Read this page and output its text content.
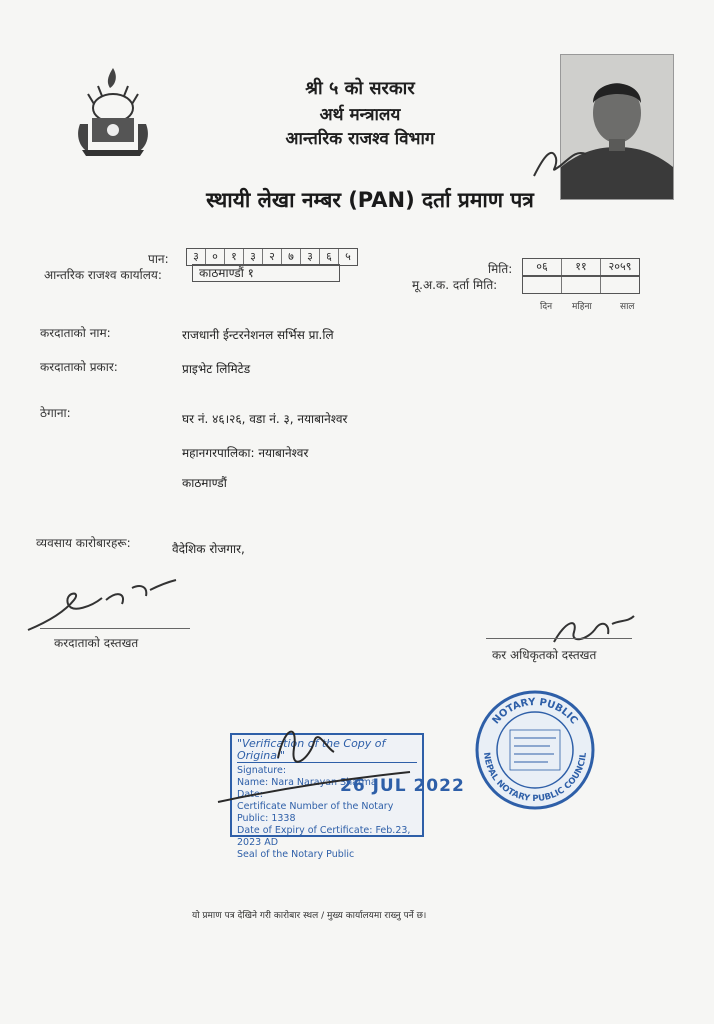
श्री ५ को सरकार
अर्थ मन्त्रालय
आन्तरिक राजश्व विभाग
स्थायी लेखा नम्बर (PAN) दर्ता प्रमाण पत्र
पान:	३	०	१	३	२	७	३	६	५
आन्तरिक राजश्व कार्यालय:	काठमाण्डौं १	मिति:	०६	११	२०५९
मू.अ.क. दर्ता मिति:
दिन महिना	साल
करदाताको नाम:	राजधानी ईन्टरनेशनल सर्भिस प्रा.लि
करदाताको प्रकार:	प्राइभेट लिमिटेड
ठेगाना:	घर नं. ४६।२६, वडा नं. ३, नयाबानेश्वर
महानगरपालिका: नयाबानेश्वर
काठमाण्डौं
व्यवसाय कारोबारहरू:	वैदेशिक रोजगार,
करदाताको दस्तखत
कर अधिकृतको दस्तखत
"Verification of the Copy of Original"
Signature:
Name: Nara Narayan Sharma
Date:
Certificate Number of the Notary Public: 1338
Date of Expiry of Certificate: Feb.23, 2023 AD
Seal of the Notary Public
26 JUL 2022
NOTARY PUBLIC
NEPAL NOTARY PUBLIC COUNCIL
यो प्रमाण पत्र देखिने गरी कारोबार स्थल / मुख्य कार्यालयमा राख्नु पर्ने छ।
